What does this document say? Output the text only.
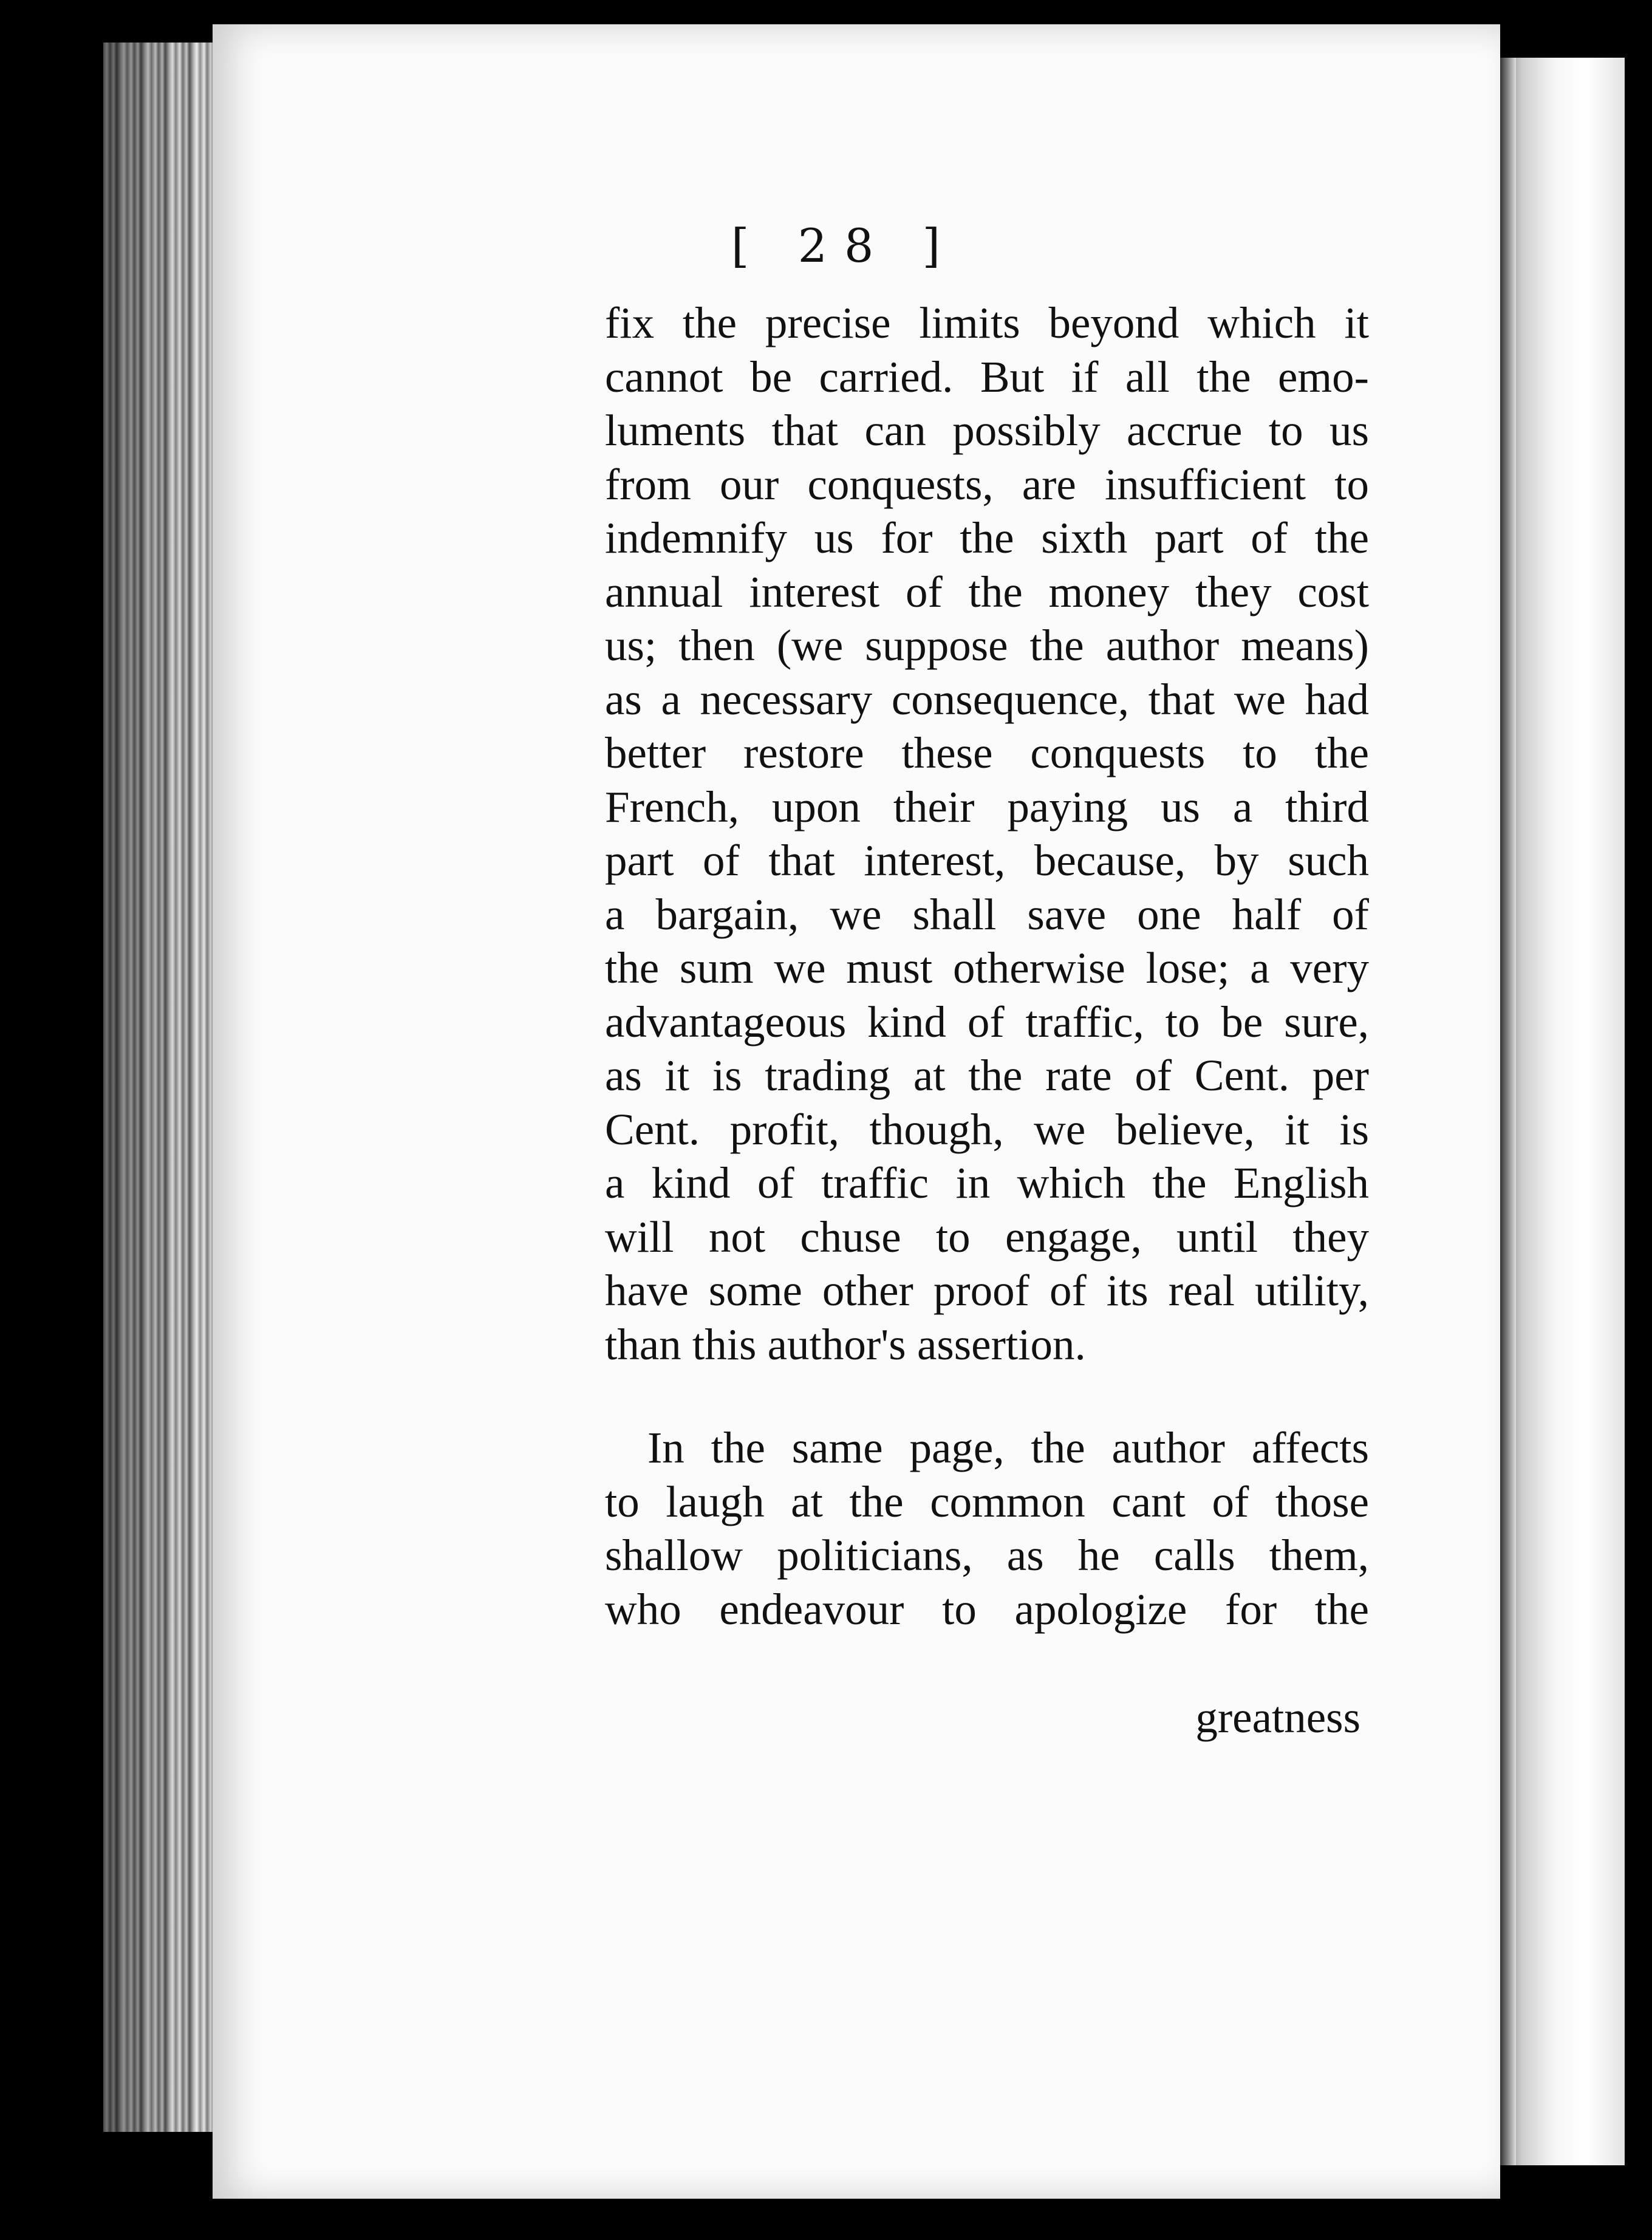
[ 28 ]
fix the precise limits beyond which it
cannot be carried. But if all the emo-
luments that can possibly accrue to us
from our conquests, are insufficient to
indemnify us for the sixth part of the
annual interest of the money they cost
us; then (we suppose the author means)
as a necessary consequence, that we had
better restore these conquests to the
French, upon their paying us a third
part of that interest, because, by such
a bargain, we shall save one half of
the sum we must otherwise lose; a very
advantageous kind of traffic, to be sure,
as it is trading at the rate of Cent. per
Cent. profit, though, we believe, it is
a kind of traffic in which the English
will not chuse to engage, until they
have some other proof of its real utility,
than this author's assertion.
In the same page, the author affects
to laugh at the common cant of those
shallow politicians, as he calls them,
who endeavour to apologize for the
greatness
